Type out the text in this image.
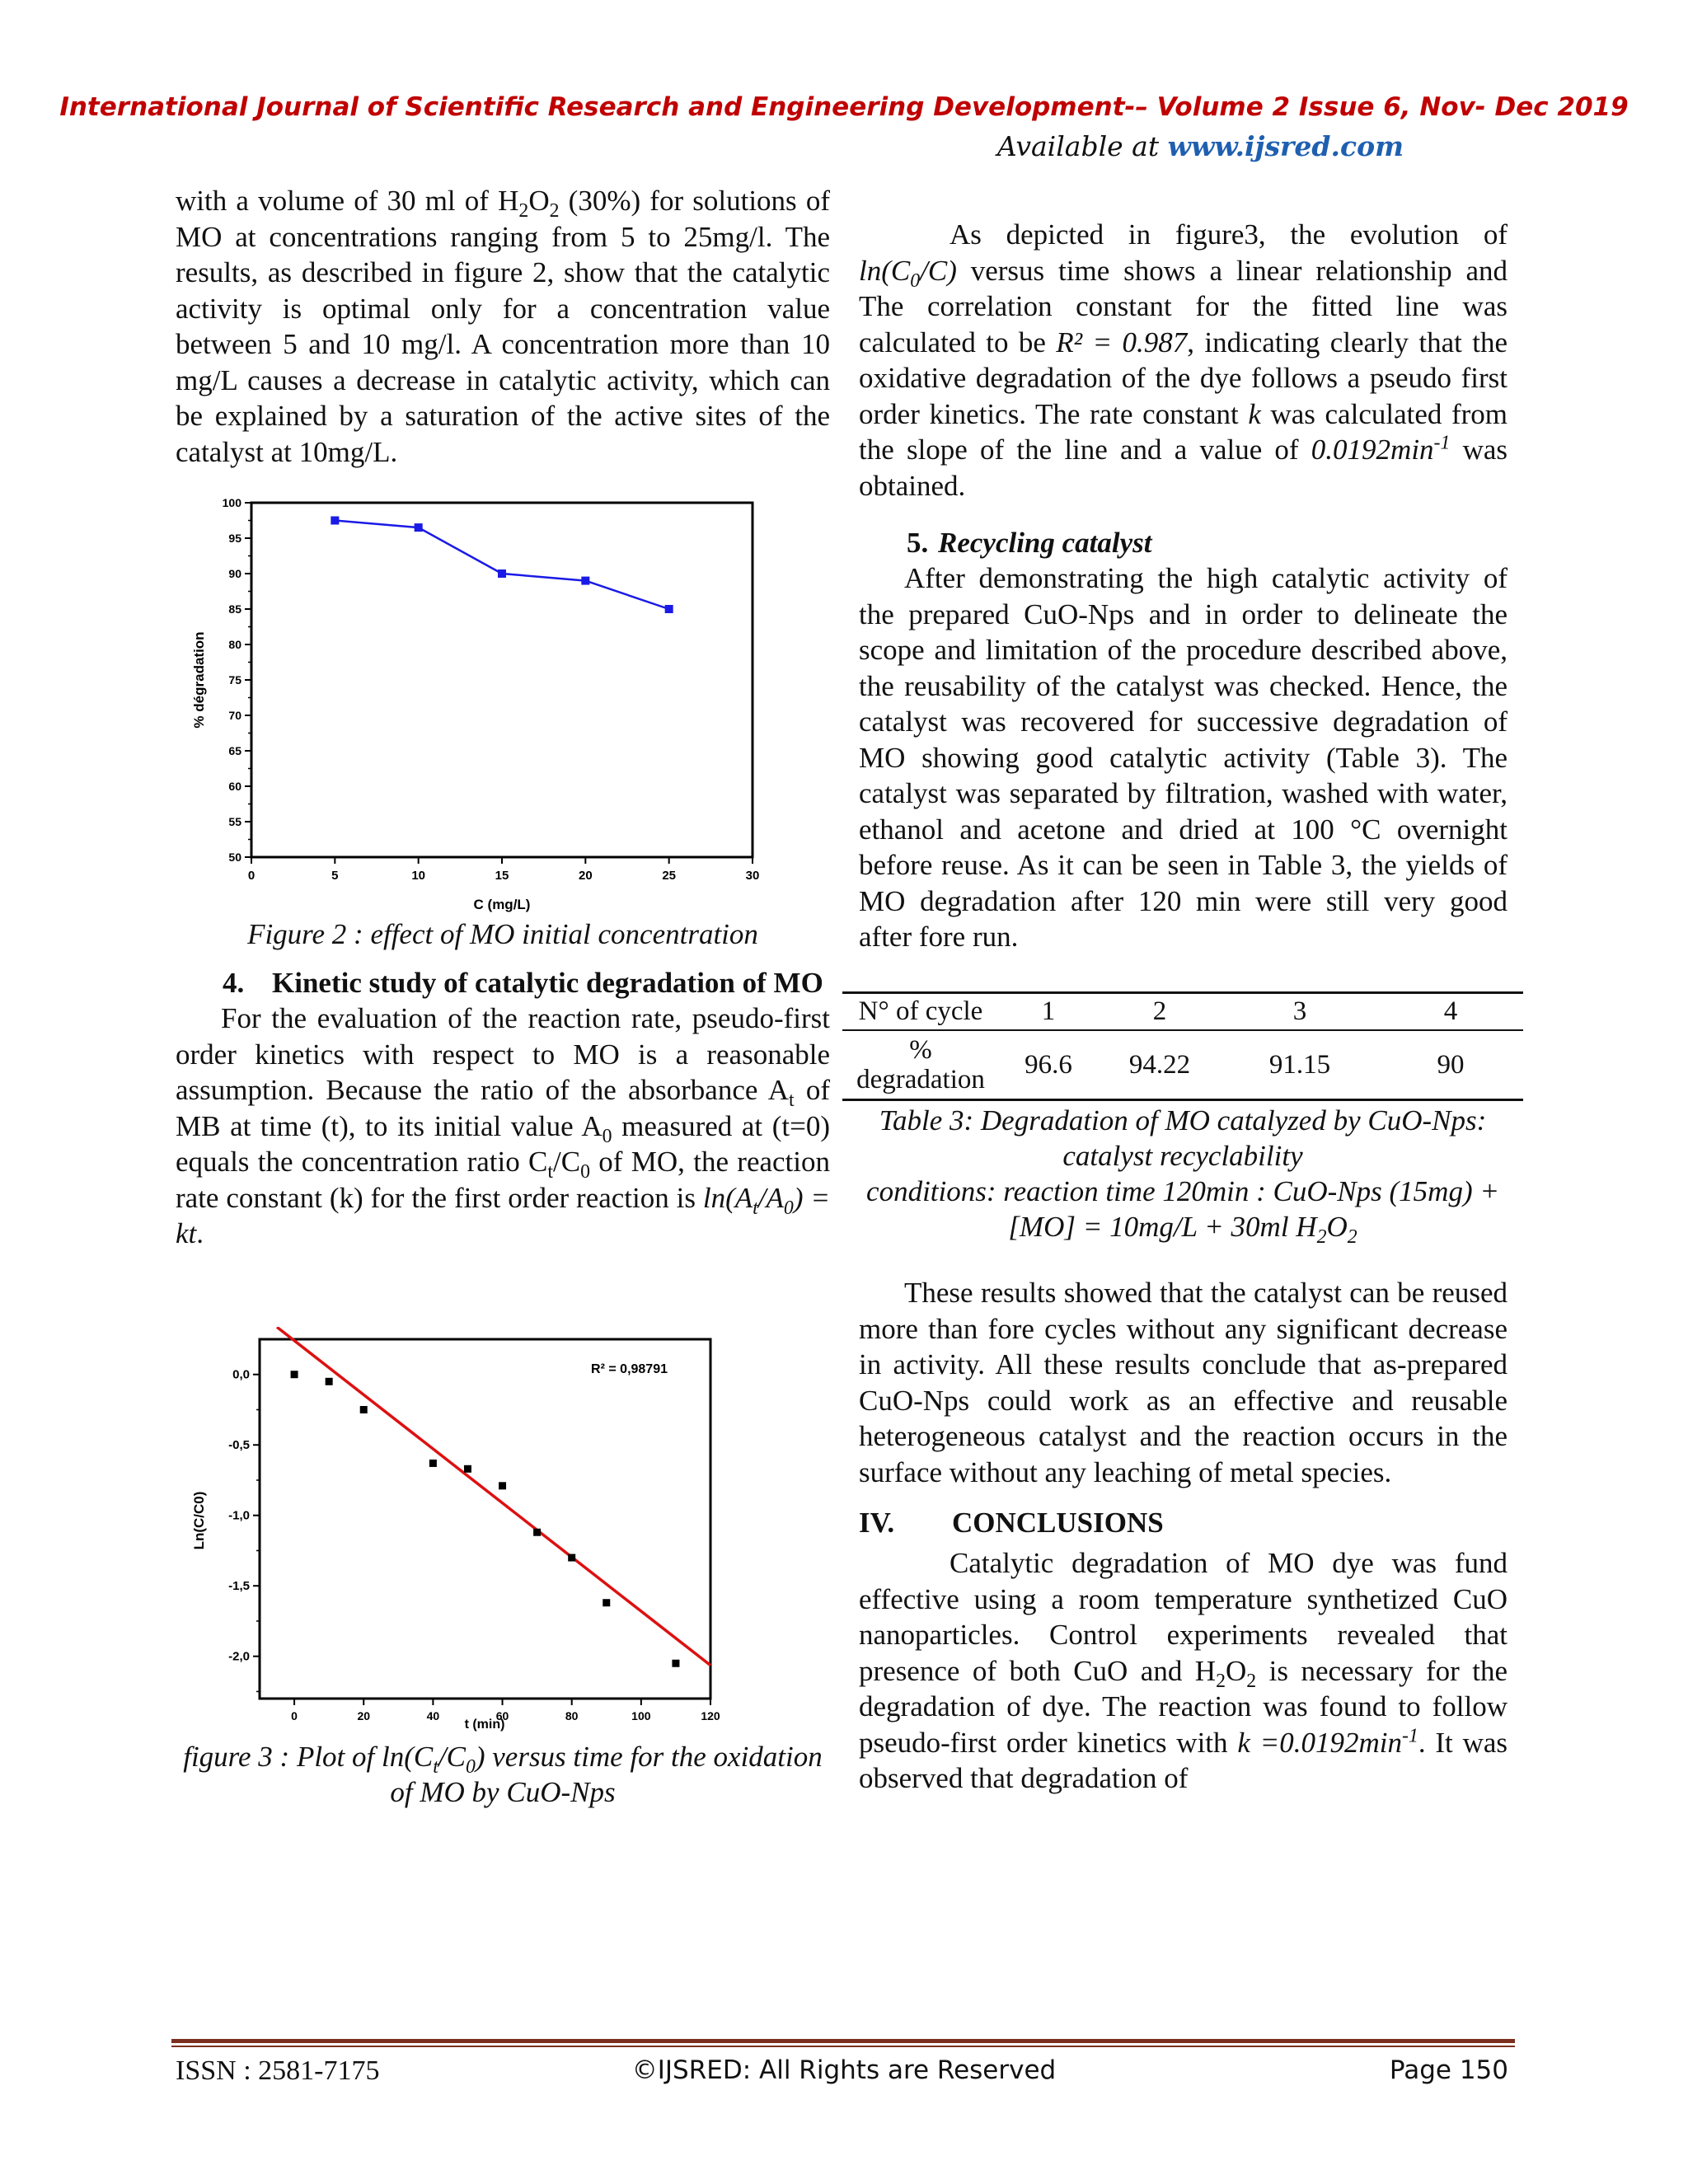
International Journal of Scientific Research and Engineering Development-– Volume 2 Issue 6, Nov- Dec 2019
Available at www.ijsred.com

with a volume of 30 ml of $H_2O_2$ (30%) for solutions of MO at concentrations ranging from 5 to 25mg/l. The results, as described in figure 2, show that the catalytic activity is optimal only for a concentration value between 5 and 10 mg/l. A concentration more than 10 mg/L causes a decrease in catalytic activity, which can be explained by a saturation of the active sites of the catalyst at 10mg/L.

50
55
60
65
70
75
80
85
90
95
100
0	5	10	15	20	25	30
C (mg/L)
% dégradation

Figure 2 : effect of MO initial concentration

4. Kinetic study of catalytic degradation of MO

For the evaluation of the reaction rate, pseudo-first order kinetics with respect to MO is a reasonable assumption. Because the ratio of the absorbance $A_t$ of MB at time (t), to its initial value $A_0$ measured at (t=0) equals the concentration ratio $C_t/C_0$ of MO, the reaction rate constant (k) for the first order reaction is $\ln(A_t/A_0)$ = kt.

0,0
-0,5
-1,0
-1,5
-2,0
0	20	40	60	80	100	120
R² = 0,98791
t (min)
Ln(C/C0)

figure 3 : Plot of $\ln(C_t/C_0)$ versus time for the oxidation of MO by CuO-Nps

As depicted in figure3, the evolution of $\ln(C_0/C)$ versus time shows a linear relationship and The correlation constant for the fitted line was calculated to be R² = 0.987, indicating clearly that the oxidative degradation of the dye follows a pseudo first order kinetics. The rate constant k was calculated from the slope of the line and a value of $0.0192\min^{-1}$ was obtained.

5. Recycling catalyst

After demonstrating the high catalytic activity of the prepared CuO-Nps and in order to delineate the scope and limitation of the procedure described above, the reusability of the catalyst was checked. Hence, the catalyst was recovered for successive degradation of MO showing good catalytic activity (Table 3). The catalyst was separated by filtration, washed with water, ethanol and acetone and dried at 100 °C overnight before reuse. As it can be seen in Table 3, the yields of MO degradation after 120 min were still very good after fore run.

N° of cycle	1	2	3	4
%
degradation
	96.6	94.22	91.15	90

Table 3: Degradation of MO catalyzed by CuO-Nps: catalyst recyclability

conditions: reaction time 120min : CuO-Nps (15mg) + [MO] = 10mg/L + 30ml $H_2O_2$

These results showed that the catalyst can be reused more than fore cycles without any significant decrease in activity. All these results conclude that as-prepared CuO-Nps could work as an effective and reusable heterogeneous catalyst and the reaction occurs in the surface without any leaching of metal species.

IV.	CONCLUSIONS

Catalytic degradation of MO dye was fund effective using a room temperature synthetized CuO nanoparticles. Control experiments revealed that presence of both CuO and $H_2O_2$ is necessary for the degradation of dye. The reaction was found to follow pseudo-first order kinetics with $k =0.0192\min^{-1}$. It was observed that degradation of

ISSN : 2581-7175	©IJSRED: All Rights are Reserved	Page 150
